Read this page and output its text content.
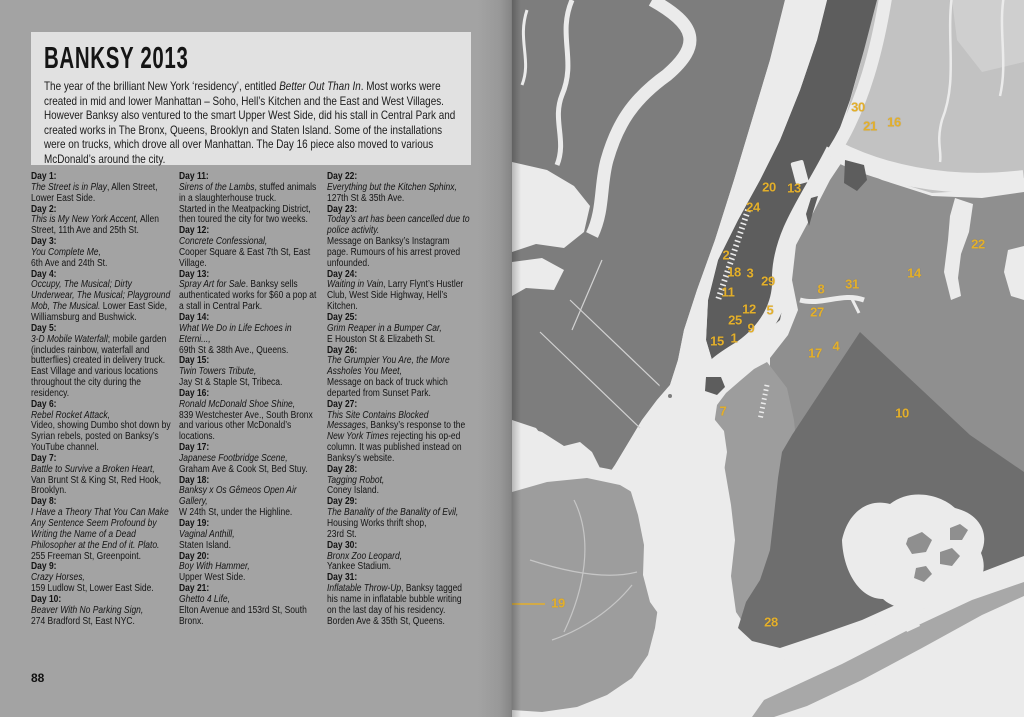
BANKSY 2013

The year of the brilliant New York ‘residency’, entitled Better Out Than In. Most works were created in mid and lower Manhattan – Soho, Hell’s Kitchen and the East and West Villages. However Banksy also ventured to the smart Upper West Side, did his stall in Central Park and created works in The Bronx, Queens, Brooklyn and Staten Island. Some of the installations were on trucks, which drove all over Manhattan. The Day 16 piece also moved to various McDonald’s around the city.

Day 1:
The Street is in Play, Allen Street, Lower East Side.
Day 2:
This is My New York Accent, Allen Street, 11th Ave and 25th St.
Day 3:
You Complete Me,
6th Ave and 24th St.
Day 4:
Occupy, The Musical; Dirty Underwear, The Musical; Playground Mob, The Musical. Lower East Side, Williamsburg and Bushwick.
Day 5:
3-D Mobile Waterfall; mobile garden (includes rainbow, waterfall and butterflies) created in delivery truck.
East Village and various locations throughout the city during the residency.
Day 6:
Rebel Rocket Attack,
Video, showing Dumbo shot down by Syrian rebels, posted on Banksy’s YouTube channel.
Day 7:
Battle to Survive a Broken Heart,
Van Brunt St & King St, Red Hook, Brooklyn.
Day 8:
I Have a Theory That You Can Make Any Sentence Seem Profound by Writing the Name of a Dead Philosopher at the End of it. Plato.
255 Freeman St, Greenpoint.
Day 9:
Crazy Horses,
159 Ludlow St, Lower East Side.
Day 10:
Beaver With No Parking Sign,
274 Bradford St, East NYC.
Day 11:
Sirens of the Lambs, stuffed animals in a slaughterhouse truck.
Started in the Meatpacking District, then toured the city for two weeks.
Day 12:
Concrete Confessional,
Cooper Square & East 7th St, East Village.
Day 13:
Spray Art for Sale. Banksy sells authenticated works for $60 a pop at a stall in Central Park.
Day 14:
What We Do in Life Echoes in Eterni...,
69th St & 38th Ave., Queens.
Day 15:
Twin Towers Tribute,
Jay St & Staple St, Tribeca.
Day 16:
Ronald McDonald Shoe Shine,
839 Westchester Ave., South Bronx and various other McDonald’s locations.
Day 17:
Japanese Footbridge Scene,
Graham Ave & Cook St, Bed Stuy.
Day 18:
Banksy x Os Gêmeos Open Air Gallery,
W 24th St, under the Highline.
Day 19:
Vaginal Anthill,
Staten Island.
Day 20:
Boy With Hammer,
Upper West Side.
Day 21:
Ghetto 4 Life,
Elton Avenue and 153rd St, South Bronx.
Day 22:
Everything but the Kitchen Sphinx,
127th St & 35th Ave.
Day 23:
Today’s art has been cancelled due to police activity.
Message on Banksy’s Instagram page. Rumours of his arrest proved unfounded.
Day 24:
Waiting in Vain, Larry Flynt’s Hustler Club, West Side Highway, Hell’s Kitchen.
Day 25:
Grim Reaper in a Bumper Car,
E Houston St & Elizabeth St.
Day 26:
The Grumpier You Are, the More Assholes You Meet,
Message on back of truck which departed from Sunset Park.
Day 27:
This Site Contains Blocked Messages, Banksy’s response to the New York Times rejecting his op-ed column. It was published instead on Banksy’s website.
Day 28:
Tagging Robot,
Coney Island.
Day 29:
The Banality of the Banality of Evil,
Housing Works thrift shop,
23rd St.
Day 30:
Bronx Zoo Leopard,
Yankee Stadium.
Day 31:
Inflatable Throw-Up, Banksy tagged his name in inflatable bubble writing on the last day of his residency.
Borden Ave & 35th St, Queens.
88
30
21 16
20 13
24
2
18 3
29
11	8 31
12 5	27
25
9
15 1
17 4
22
14
10
7
19
28
